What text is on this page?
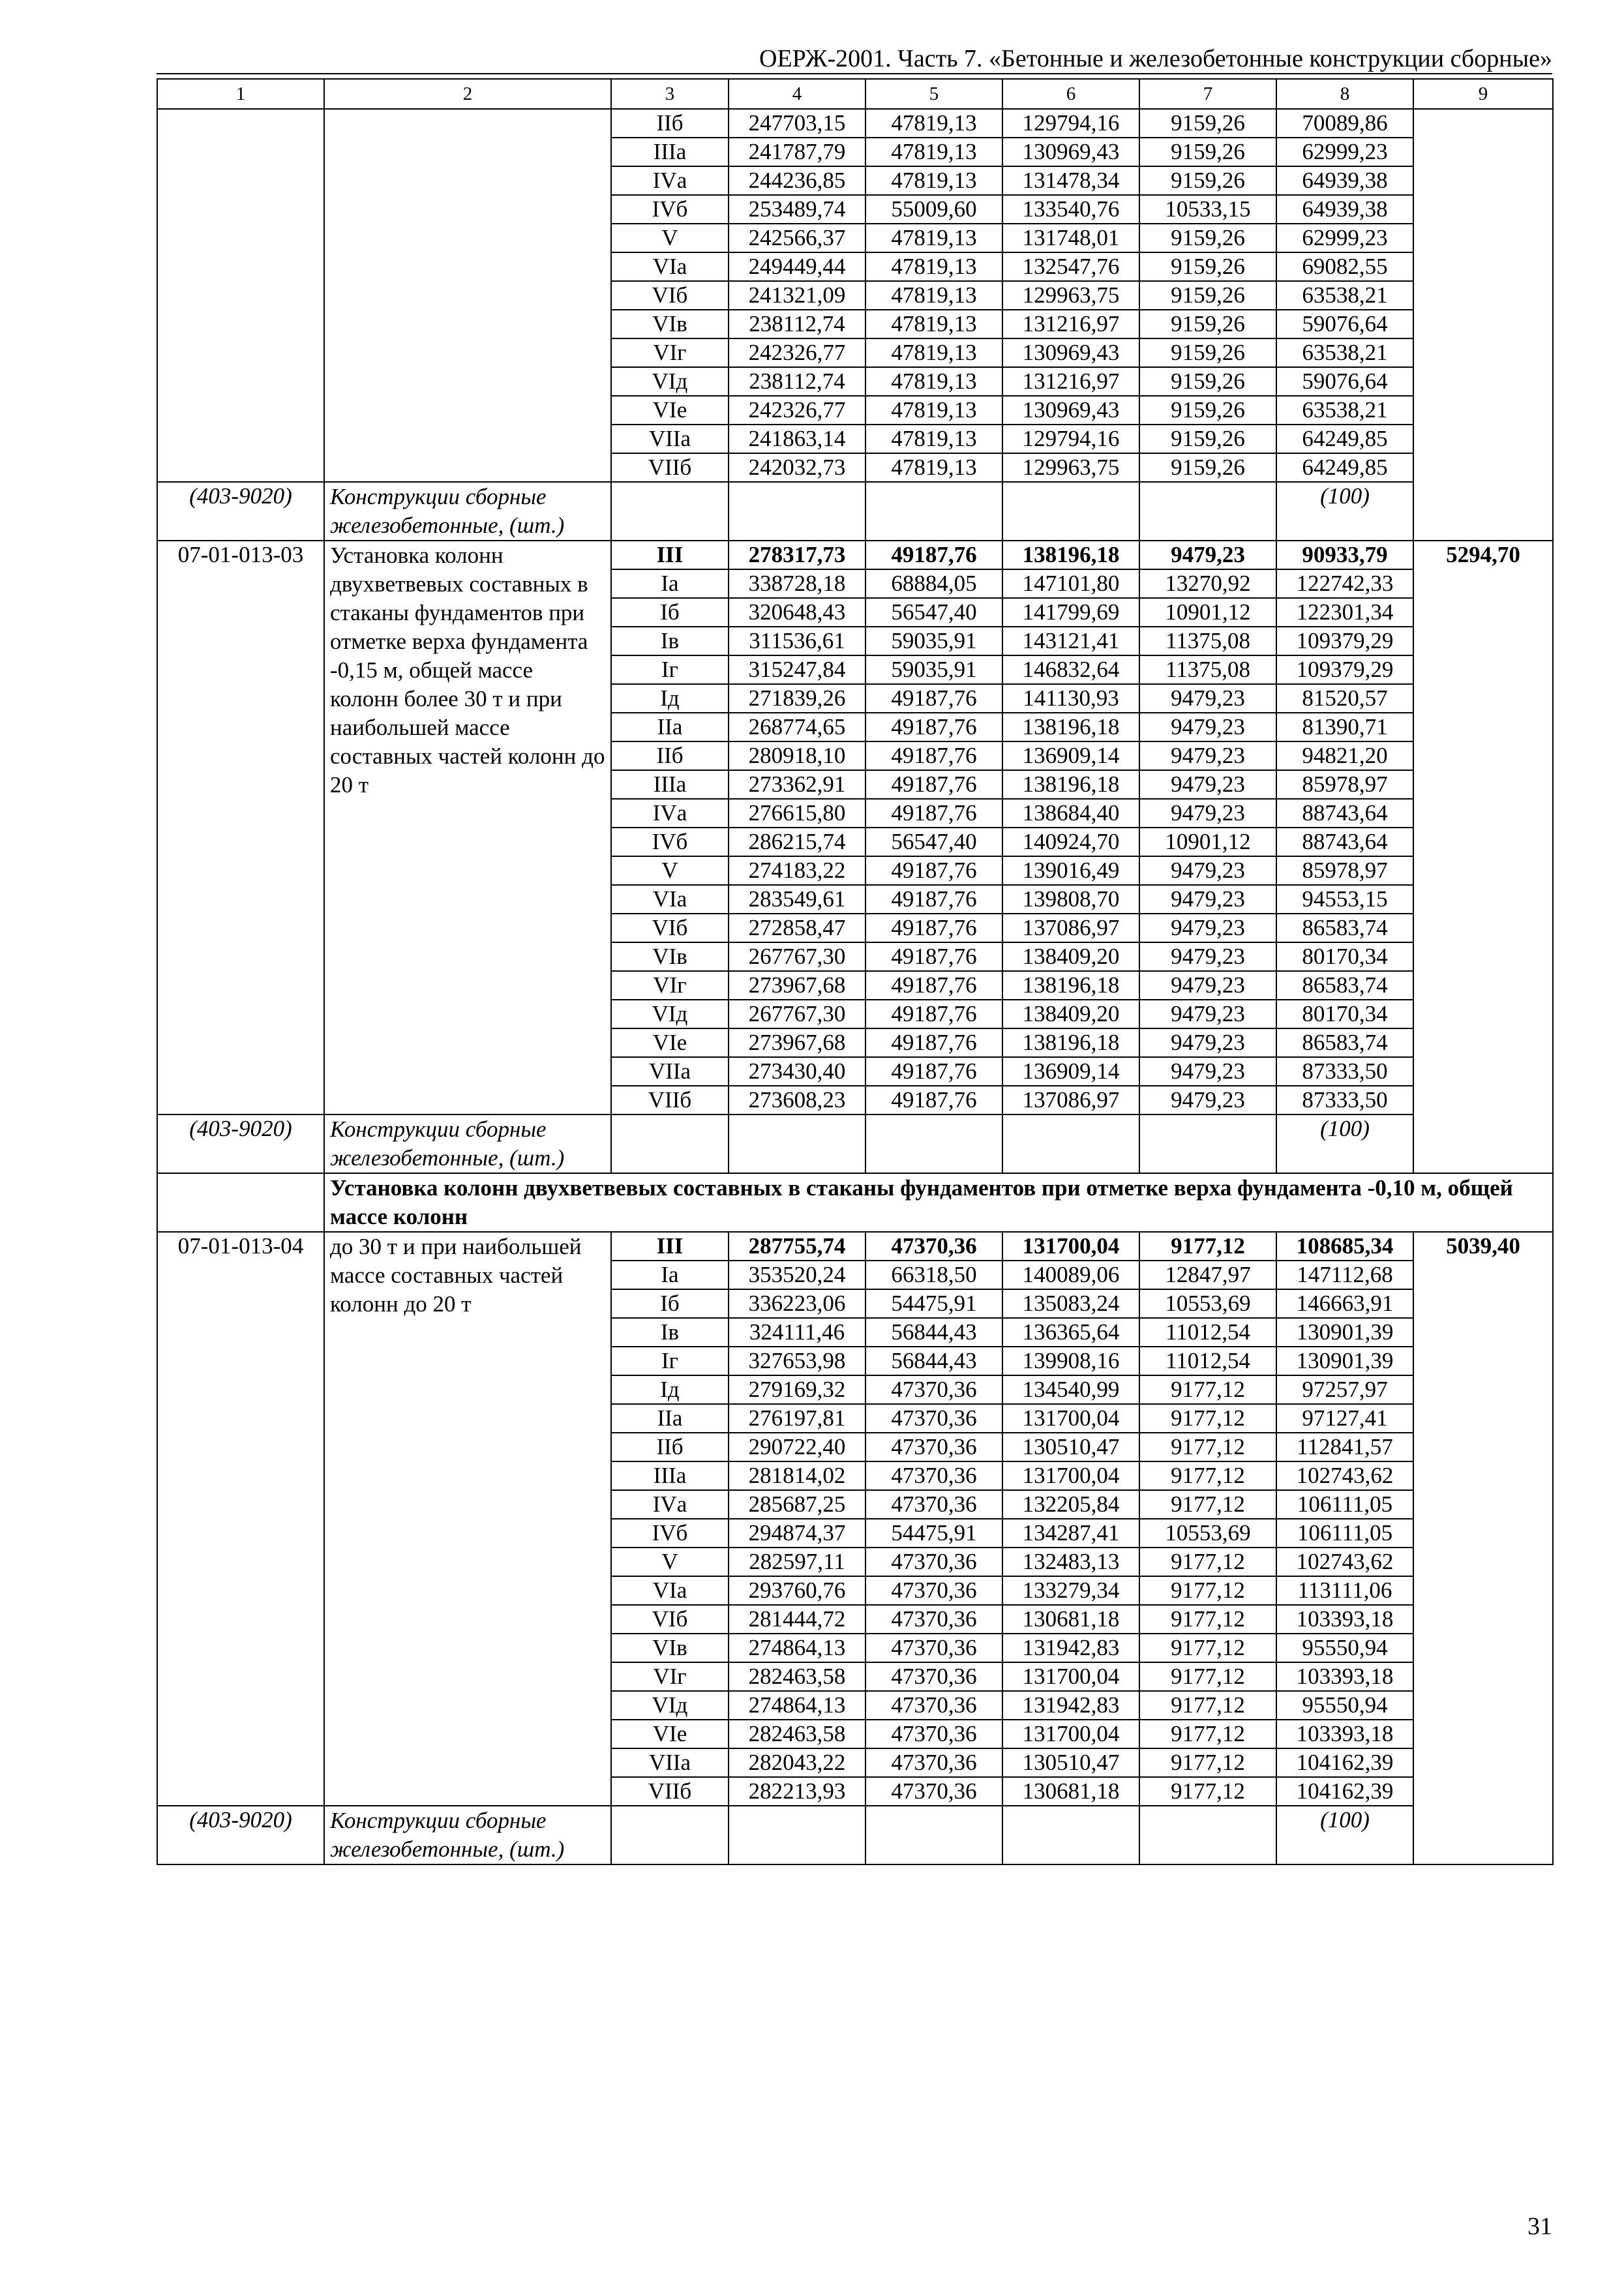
ОЕРЖ-2001. Часть 7. «Бетонные и железобетонные конструкции сборные»
1	2	3	4	5	6	7	8	9
		IIб	247703,15	47819,13	129794,16	9159,26	70089,86	
		IIIа	241787,79	47819,13	130969,43	9159,26	62999,23	
		IVа	244236,85	47819,13	131478,34	9159,26	64939,38	
		IVб	253489,74	55009,60	133540,76	10533,15	64939,38	
		V	242566,37	47819,13	131748,01	9159,26	62999,23	
		VIа	249449,44	47819,13	132547,76	9159,26	69082,55	
		VIб	241321,09	47819,13	129963,75	9159,26	63538,21	
		VIв	238112,74	47819,13	131216,97	9159,26	59076,64	
		VIг	242326,77	47819,13	130969,43	9159,26	63538,21	
		VIд	238112,74	47819,13	131216,97	9159,26	59076,64	
		VIе	242326,77	47819,13	130969,43	9159,26	63538,21	
		VIIа	241863,14	47819,13	129794,16	9159,26	64249,85	
		VIIб	242032,73	47819,13	129963,75	9159,26	64249,85	
(403-9020)	Конструкции сборные железобетонные, (шт.)						(100)	
07-01-013-03	Установка колонн двухветвевых составных в стаканы фундаментов при отметке верха фундамента -0,15 м, общей массе колонн более 30 т и при наибольшей массе составных частей колонн до 20 т	III	278317,73	49187,76	138196,18	9479,23	90933,79	5294,70
		Iа	338728,18	68884,05	147101,80	13270,92	122742,33	
		Iб	320648,43	56547,40	141799,69	10901,12	122301,34	
		Iв	311536,61	59035,91	143121,41	11375,08	109379,29	
		Iг	315247,84	59035,91	146832,64	11375,08	109379,29	
		Iд	271839,26	49187,76	141130,93	9479,23	81520,57	
		IIа	268774,65	49187,76	138196,18	9479,23	81390,71	
		IIб	280918,10	49187,76	136909,14	9479,23	94821,20	
		IIIа	273362,91	49187,76	138196,18	9479,23	85978,97	
		IVа	276615,80	49187,76	138684,40	9479,23	88743,64	
		IVб	286215,74	56547,40	140924,70	10901,12	88743,64	
		V	274183,22	49187,76	139016,49	9479,23	85978,97	
		VIа	283549,61	49187,76	139808,70	9479,23	94553,15	
		VIб	272858,47	49187,76	137086,97	9479,23	86583,74	
		VIв	267767,30	49187,76	138409,20	9479,23	80170,34	
		VIг	273967,68	49187,76	138196,18	9479,23	86583,74	
		VIд	267767,30	49187,76	138409,20	9479,23	80170,34	
		VIе	273967,68	49187,76	138196,18	9479,23	86583,74	
		VIIа	273430,40	49187,76	136909,14	9479,23	87333,50	
		VIIб	273608,23	49187,76	137086,97	9479,23	87333,50	
(403-9020)	Конструкции сборные железобетонные, (шт.)						(100)	
	Установка колонн двухветвевых составных в стаканы фундаментов при отметке верха фундамента -0,10 м, общей массе колонн							
07-01-013-04	до 30 т и при наибольшей массе составных частей колонн до 20 т	III	287755,74	47370,36	131700,04	9177,12	108685,34	5039,40
		Iа	353520,24	66318,50	140089,06	12847,97	147112,68	
		Iб	336223,06	54475,91	135083,24	10553,69	146663,91	
		Iв	324111,46	56844,43	136365,64	11012,54	130901,39	
		Iг	327653,98	56844,43	139908,16	11012,54	130901,39	
		Iд	279169,32	47370,36	134540,99	9177,12	97257,97	
		IIа	276197,81	47370,36	131700,04	9177,12	97127,41	
		IIб	290722,40	47370,36	130510,47	9177,12	112841,57	
		IIIа	281814,02	47370,36	131700,04	9177,12	102743,62	
		IVа	285687,25	47370,36	132205,84	9177,12	106111,05	
		IVб	294874,37	54475,91	134287,41	10553,69	106111,05	
		V	282597,11	47370,36	132483,13	9177,12	102743,62	
		VIа	293760,76	47370,36	133279,34	9177,12	113111,06	
		VIб	281444,72	47370,36	130681,18	9177,12	103393,18	
		VIв	274864,13	47370,36	131942,83	9177,12	95550,94	
		VIг	282463,58	47370,36	131700,04	9177,12	103393,18	
		VIд	274864,13	47370,36	131942,83	9177,12	95550,94	
		VIе	282463,58	47370,36	131700,04	9177,12	103393,18	
		VIIа	282043,22	47370,36	130510,47	9177,12	104162,39	
		VIIб	282213,93	47370,36	130681,18	9177,12	104162,39	
(403-9020)	Конструкции сборные железобетонные, (шт.)						(100)	
31
